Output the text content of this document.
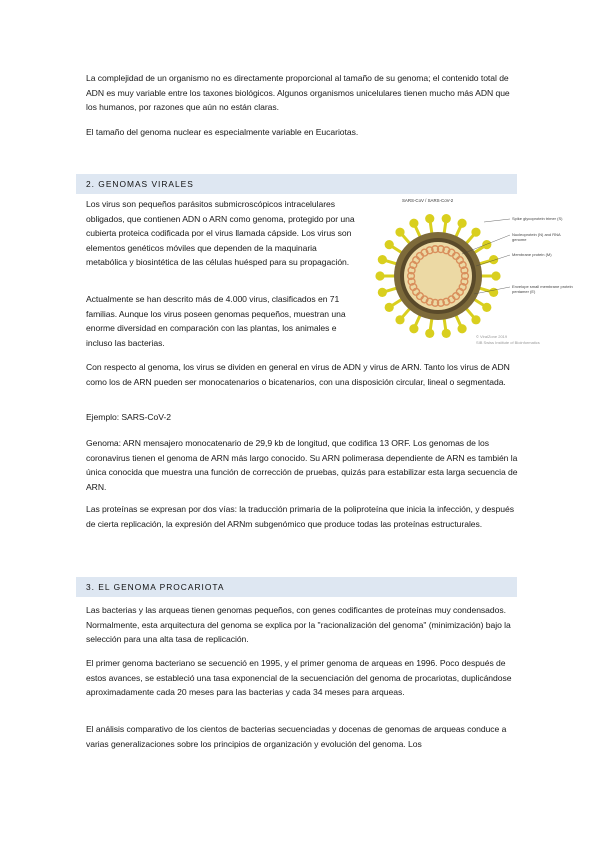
La complejidad de un organismo no es directamente proporcional al tamaño de su genoma; el contenido total de ADN es muy variable entre los taxones biológicos. Algunos organismos unicelulares tienen mucho más ADN que los humanos, por razones que aún no están claras.

El tamaño del genoma nuclear es especialmente variable en Eucariotas.

2. GENOMAS VIRALES

Los virus son pequeños parásitos submicroscópicos intracelulares obligados, que contienen ADN o ARN como genoma, protegido por una cubierta proteica codificada por el virus llamada cápside. Los virus son elementos genéticos móviles que dependen de la maquinaria metabólica y biosintética de las células huésped para su propagación.

Actualmente se han descrito más de 4.000 virus, clasificados en 71 familias. Aunque los virus poseen genomas pequeños, muestran una enorme diversidad en comparación con las plantas, los animales e incluso las bacterias.

SARS-CoV / SARS-CoV-2
Spike glycoprotein trimer (S)
Nucleoprotein (N) and RNA genome
Membrane protein (M)
Envelope small membrane protein pentamer (E)
© ViralZone 2019
SIB Swiss Institute of Bioinformatics

Con respecto al genoma, los virus se dividen en general en virus de ADN y virus de ARN. Tanto los virus de ADN como los de ARN pueden ser monocatenarios o bicatenarios, con una disposición circular, lineal o segmentada.

Ejemplo: SARS-CoV-2

Genoma: ARN mensajero monocatenario de 29,9 kb de longitud, que codifica 13 ORF. Los genomas de los coronavirus tienen el genoma de ARN más largo conocido. Su ARN polimerasa dependiente de ARN es también la única conocida que muestra una función de corrección de pruebas, quizás para estabilizar esta larga secuencia de ARN.

Las proteínas se expresan por dos vías: la traducción primaria de la poliproteína que inicia la infección, y después de cierta replicación, la expresión del ARNm subgenómico que produce todas las proteínas estructurales.

3. EL GENOMA PROCARIOTA

Las bacterias y las arqueas tienen genomas pequeños, con genes codificantes de proteínas muy condensados. Normalmente, esta arquitectura del genoma se explica por la "racionalización del genoma" (minimización) bajo la selección para una alta tasa de replicación.

El primer genoma bacteriano se secuenció en 1995, y el primer genoma de arqueas en 1996. Poco después de estos avances, se estableció una tasa exponencial de la secuenciación del genoma de procariotas, duplicándose aproximadamente cada 20 meses para las bacterias y cada 34 meses para arqueas.

El análisis comparativo de los cientos de bacterias secuenciadas y docenas de genomas de arqueas conduce a varias generalizaciones sobre los principios de organización y evolución del genoma. Los
